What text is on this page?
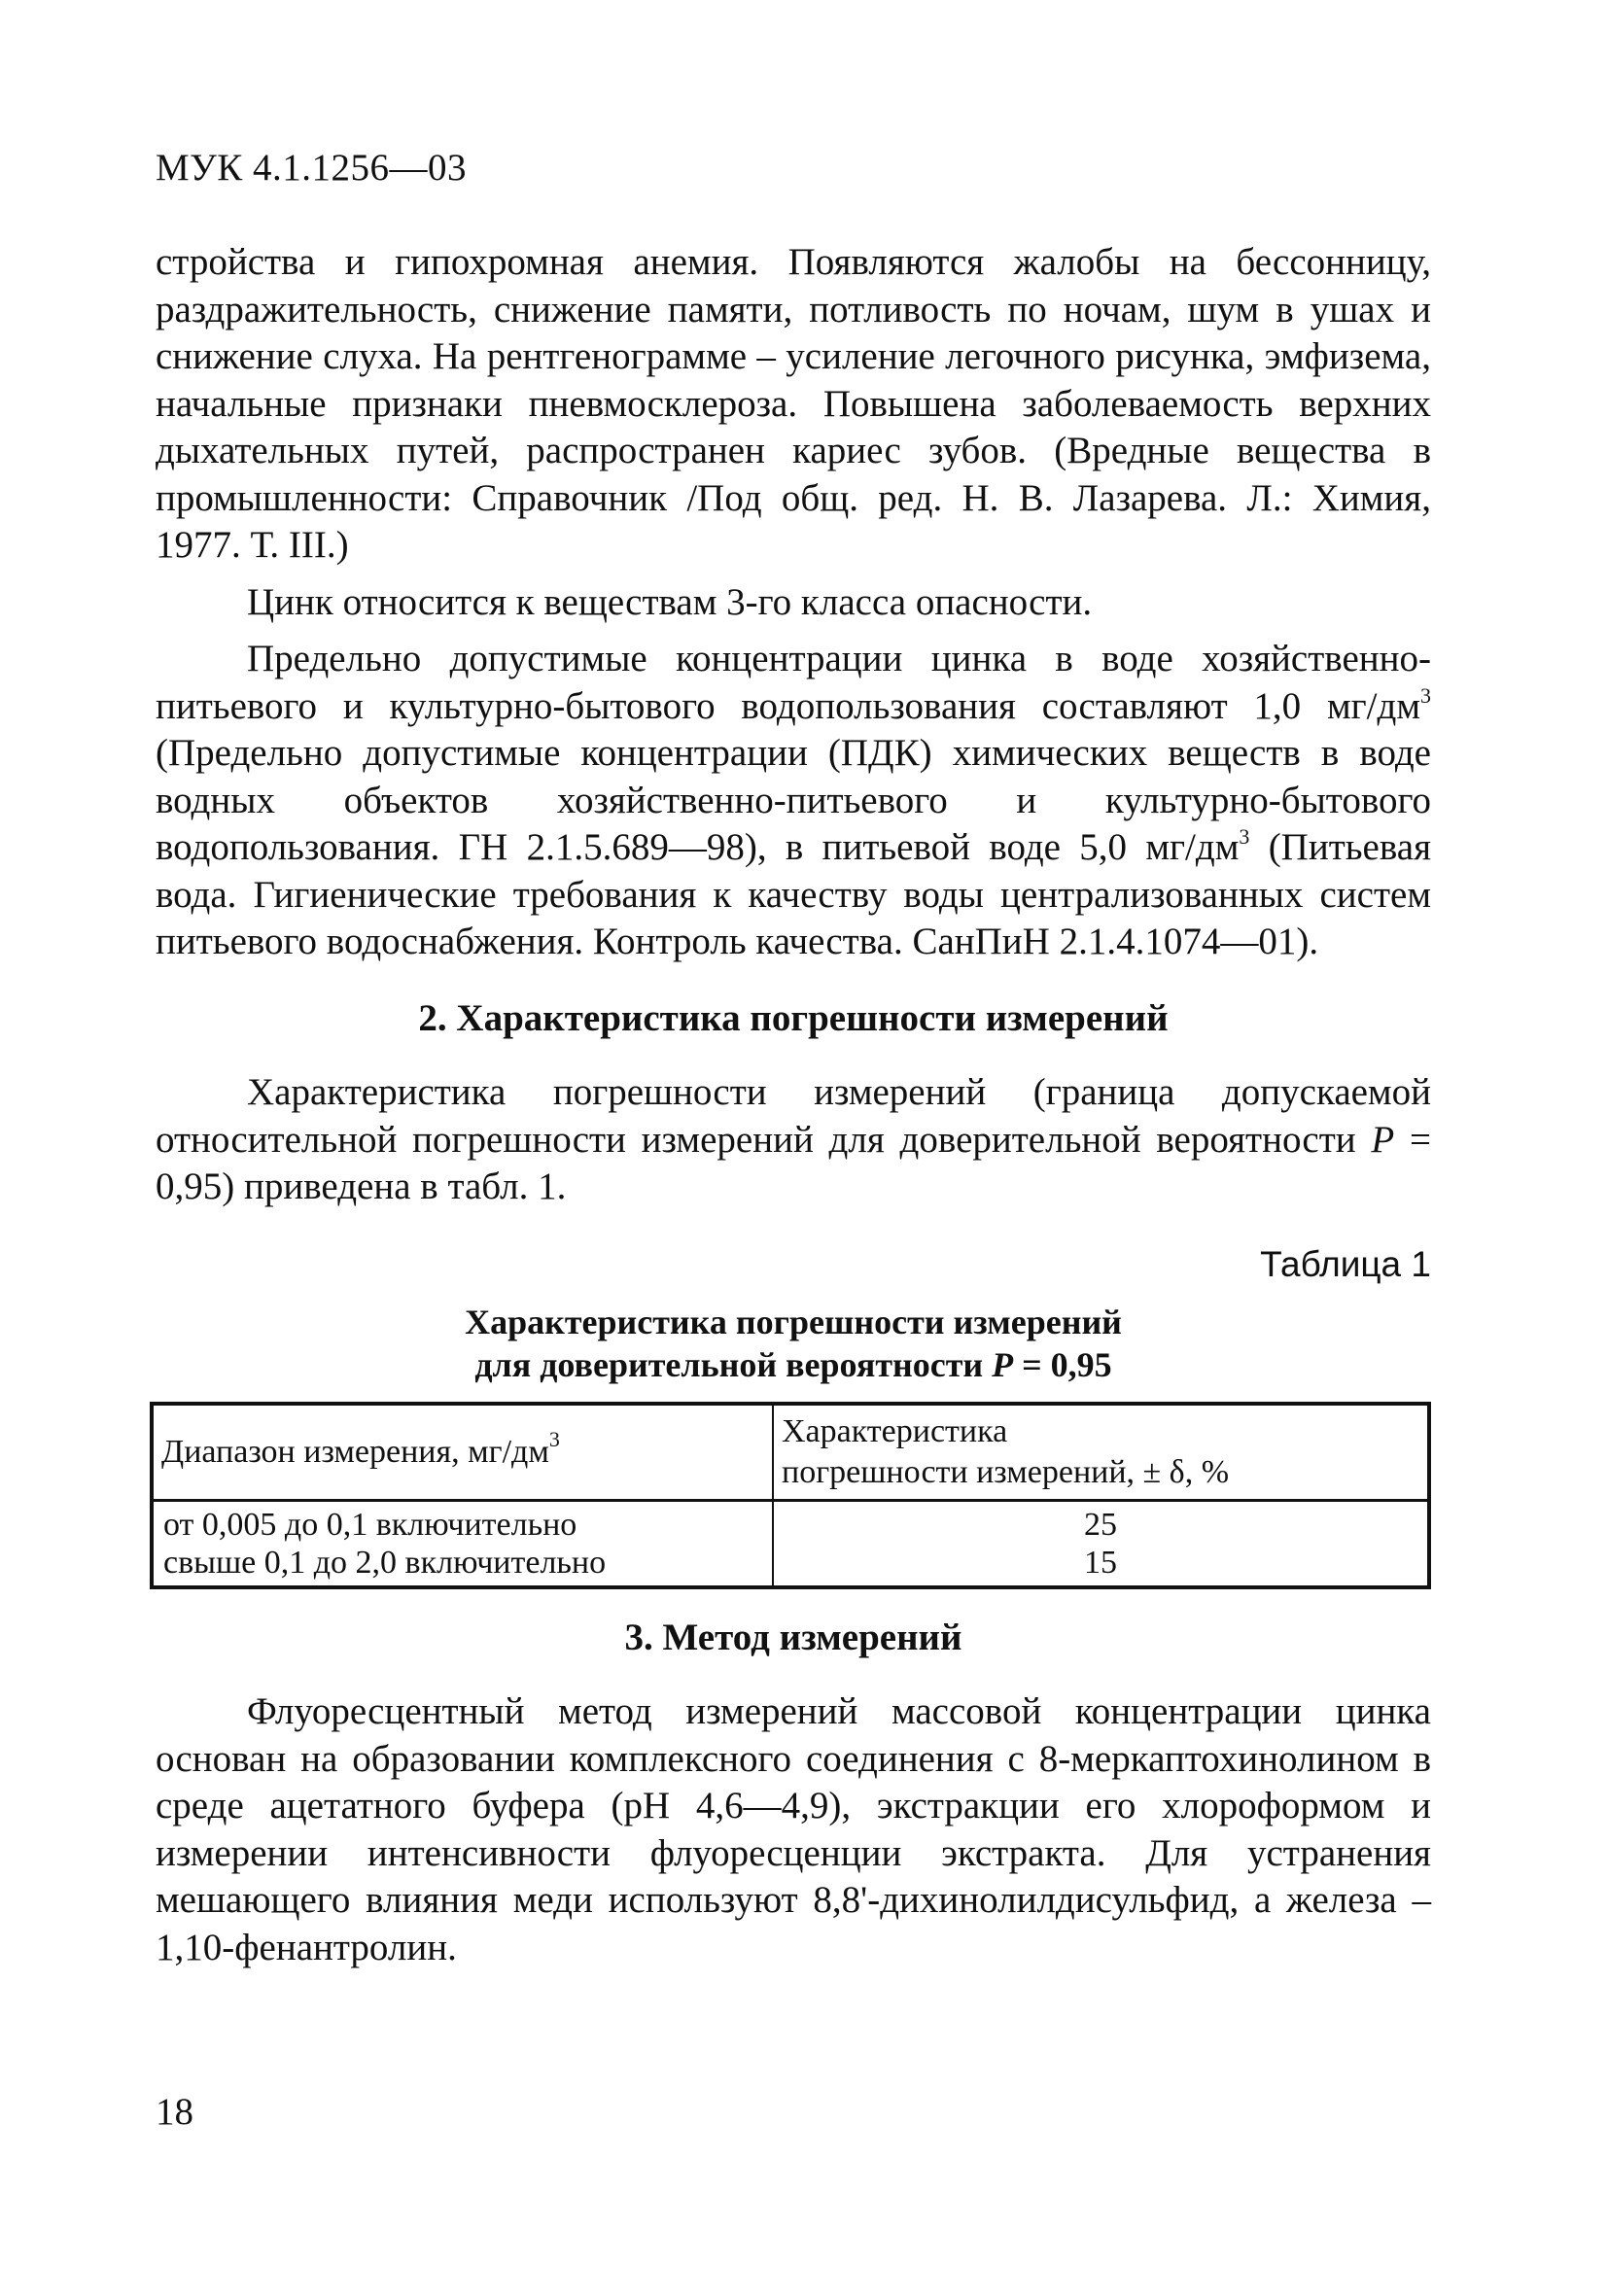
МУК 4.1.1256—03

стройства и гипохромная анемия. Появляются жалобы на бессонницу, раздражительность, снижение памяти, потливость по ночам, шум в ушах и снижение слуха. На рентгенограмме – усиление легочного рисунка, эмфизема, начальные признаки пневмосклероза. Повышена заболеваемость верхних дыхательных путей, распространен кариес зубов. (Вредные вещества в промышленности: Справочник /Под общ. ред. Н. В. Лазарева. Л.: Химия, 1977. Т. III.)

Цинк относится к веществам 3-го класса опасности.

Предельно допустимые концентрации цинка в воде хозяйственно-питьевого и культурно-бытового водопользования составляют 1,0 $мг/дм^3$ (Предельно допустимые концентрации (ПДК) химических веществ в воде водных объектов хозяйственно-питьевого и культурно-бытового водопользования. ГН 2.1.5.689—98), в питьевой воде 5,0 $мг/дм^3$ (Питьевая вода. Гигиенические требования к качеству воды централизованных систем питьевого водоснабжения. Контроль качества. СанПиН 2.1.4.1074—01).

2. Характеристика погрешности измерений

Характеристика погрешности измерений (граница допускаемой относительной погрешности измерений для доверительной вероятности P = 0,95) приведена в табл. 1.

Таблица 1
Характеристика погрешности измерений
для доверительной вероятности P = 0,95
Диапазон измерения, $мг/дм^3$	Характеристика
погрешности измерений, ± δ, %

от 0,005 до 0,1 включительно	25
свыше 0,1 до 2,0 включительно	15
3. Метод измерений

Флуоресцентный метод измерений массовой концентрации цинка основан на образовании комплексного соединения с 8-меркаптохинолином в среде ацетатного буфера (рН 4,6—4,9), экстракции его хлороформом и измерении интенсивности флуоресценции экстракта. Для устранения мешающего влияния меди используют 8,8'-дихинолилдисульфид, а железа – 1,10-фенантролин.

18
